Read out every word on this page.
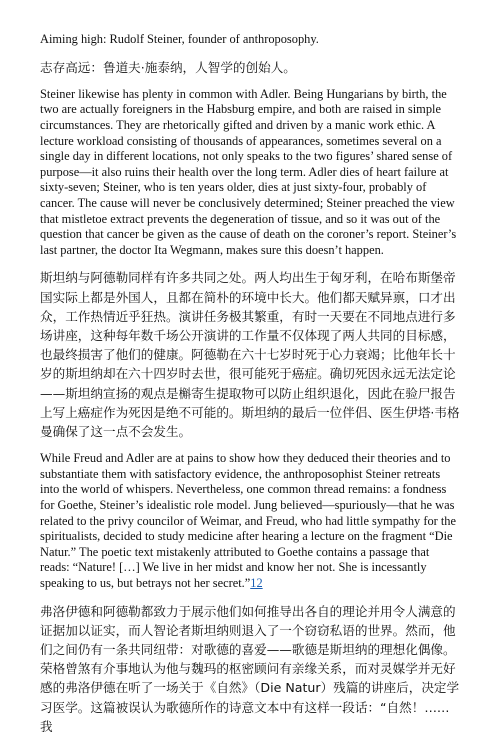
Aiming high: Rudolf Steiner, founder of anthroposophy.

志存高远：鲁道夫·施泰纳，人智学的创始人。

Steiner likewise has plenty in common with Adler. Being Hungarians by birth, the two are actually foreigners in the Habsburg empire, and both are raised in simple circumstances. They are rhetorically gifted and driven by a manic work ethic. A lecture workload consisting of thousands of appearances, sometimes several on a single day in different locations, not only speaks to the two figures’ shared sense of purpose—it also ruins their health over the long term. Adler dies of heart failure at sixty-seven; Steiner, who is ten years older, dies at just sixty-four, probably of cancer. The cause will never be conclusively determined; Steiner preached the view that mistletoe extract prevents the degeneration of tissue, and so it was out of the question that cancer be given as the cause of death on the coroner’s report. Steiner’s last partner, the doctor Ita Wegmann, makes sure this doesn’t happen.

斯坦纳与阿德勒同样有许多共同之处。两人均出生于匈牙利，在哈布斯堡帝国实际上都是外国人，且都在简朴的环境中长大。他们都天赋异禀，口才出众，工作热情近乎狂热。演讲任务极其繁重，有时一天要在不同地点进行多场讲座，这种每年数千场公开演讲的工作量不仅体现了两人共同的目标感，也最终损害了他们的健康。阿德勒在六十七岁时死于心力衰竭；比他年长十岁的斯坦纳却在六十四岁时去世，很可能死于癌症。确切死因永远无法定论——斯坦纳宣扬的观点是槲寄生提取物可以防止组织退化，因此在验尸报告上写上癌症作为死因是绝不可能的。斯坦纳的最后一位伴侣、医生伊塔·韦格曼确保了这一点不会发生。

While Freud and Adler are at pains to show how they deduced their theories and to substantiate them with satisfactory evidence, the anthroposophist Steiner retreats into the world of whispers. Nevertheless, one common thread remains: a fondness for Goethe, Steiner’s idealistic role model. Jung believed—spuriously—that he was related to the privy councilor of Weimar, and Freud, who had little sympathy for the spiritualists, decided to study medicine after hearing a lecture on the fragment “Die Natur.” The poetic text mistakenly attributed to Goethe contains a passage that reads: “Nature! […] We live in her midst and know her not. She is incessantly speaking to us, but betrays not her secret.”12

弗洛伊德和阿德勒都致力于展示他们如何推导出各自的理论并用令人满意的证据加以证实，而人智论者斯坦纳则退入了一个窃窃私语的世界。然而，他们之间仍有一条共同纽带：对歌德的喜爱——歌德是斯坦纳的理想化偶像。荣格曾煞有介事地认为他与魏玛的枢密顾问有亲缘关系，而对灵媒学并无好感的弗洛伊德在听了一场关于《自然》（Die Natur）残篇的讲座后，决定学习医学。这篇被误认为歌德所作的诗意文本中有这样一段话：“自然！……我
